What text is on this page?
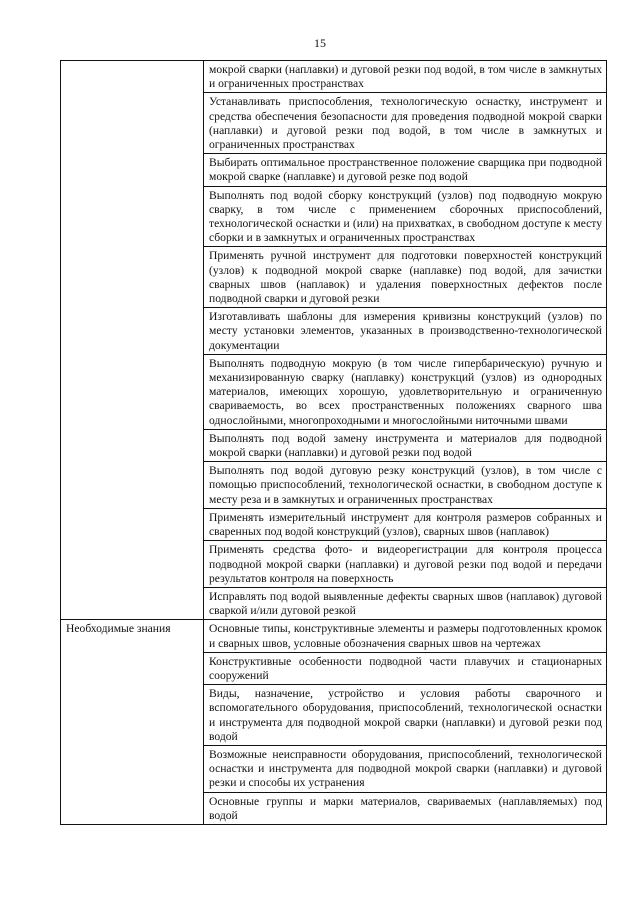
15
	мокрой сварки (наплавки) и дуговой резки под водой, в том числе в замкнутых и ограниченных пространствах
	Устанавливать приспособления, технологическую оснастку, инструмент и средства обеспечения безопасности для проведения подводной мокрой сварки (наплавки) и дуговой резки под водой, в том числе в замкнутых и ограниченных пространствах
	Выбирать оптимальное пространственное положение сварщика при подводной мокрой сварке (наплавке) и дуговой резке под водой
	Выполнять под водой сборку конструкций (узлов) под подводную мокрую сварку, в том числе с применением сборочных приспособлений, технологической оснастки и (или) на прихватках, в свободном доступе к месту сборки и в замкнутых и ограниченных пространствах
	Применять ручной инструмент для подготовки поверхностей конструкций (узлов) к подводной мокрой сварке (наплавке) под водой, для зачистки сварных швов (наплавок) и удаления поверхностных дефектов после подводной сварки и дуговой резки
	Изготавливать шаблоны для измерения кривизны конструкций (узлов) по месту установки элементов, указанных в производственно-технологической документации
	Выполнять подводную мокрую (в том числе гипербарическую) ручную и механизированную сварку (наплавку) конструкций (узлов) из однородных материалов, имеющих хорошую, удовлетворительную и ограниченную свариваемость, во всех пространственных положениях сварного шва однослойными, многопроходными и многослойными ниточными швами
	Выполнять под водой замену инструмента и материалов для подводной мокрой сварки (наплавки) и дуговой резки под водой
	Выполнять под водой дуговую резку конструкций (узлов), в том числе с помощью приспособлений, технологической оснастки, в свободном доступе к месту реза и в замкнутых и ограниченных пространствах
	Применять измерительный инструмент для контроля размеров собранных и сваренных под водой конструкций (узлов), сварных швов (наплавок)
	Применять средства фото- и видеорегистрации для контроля процесса подводной мокрой сварки (наплавки) и дуговой резки под водой и передачи результатов контроля на поверхность
	Исправлять под водой выявленные дефекты сварных швов (наплавок) дуговой сваркой и/или дуговой резкой
Необходимые знания	Основные типы, конструктивные элементы и размеры подготовленных кромок и сварных швов, условные обозначения сварных швов на чертежах
	Конструктивные особенности подводной части плавучих и стационарных сооружений
	Виды, назначение, устройство и условия работы сварочного и вспомогательного оборудования, приспособлений, технологической оснастки и инструмента для подводной мокрой сварки (наплавки) и дуговой резки под водой
	Возможные неисправности оборудования, приспособлений, технологической оснастки и инструмента для подводной мокрой сварки (наплавки) и дуговой резки и способы их устранения
	Основные группы и марки материалов, свариваемых (наплавляемых) под водой
